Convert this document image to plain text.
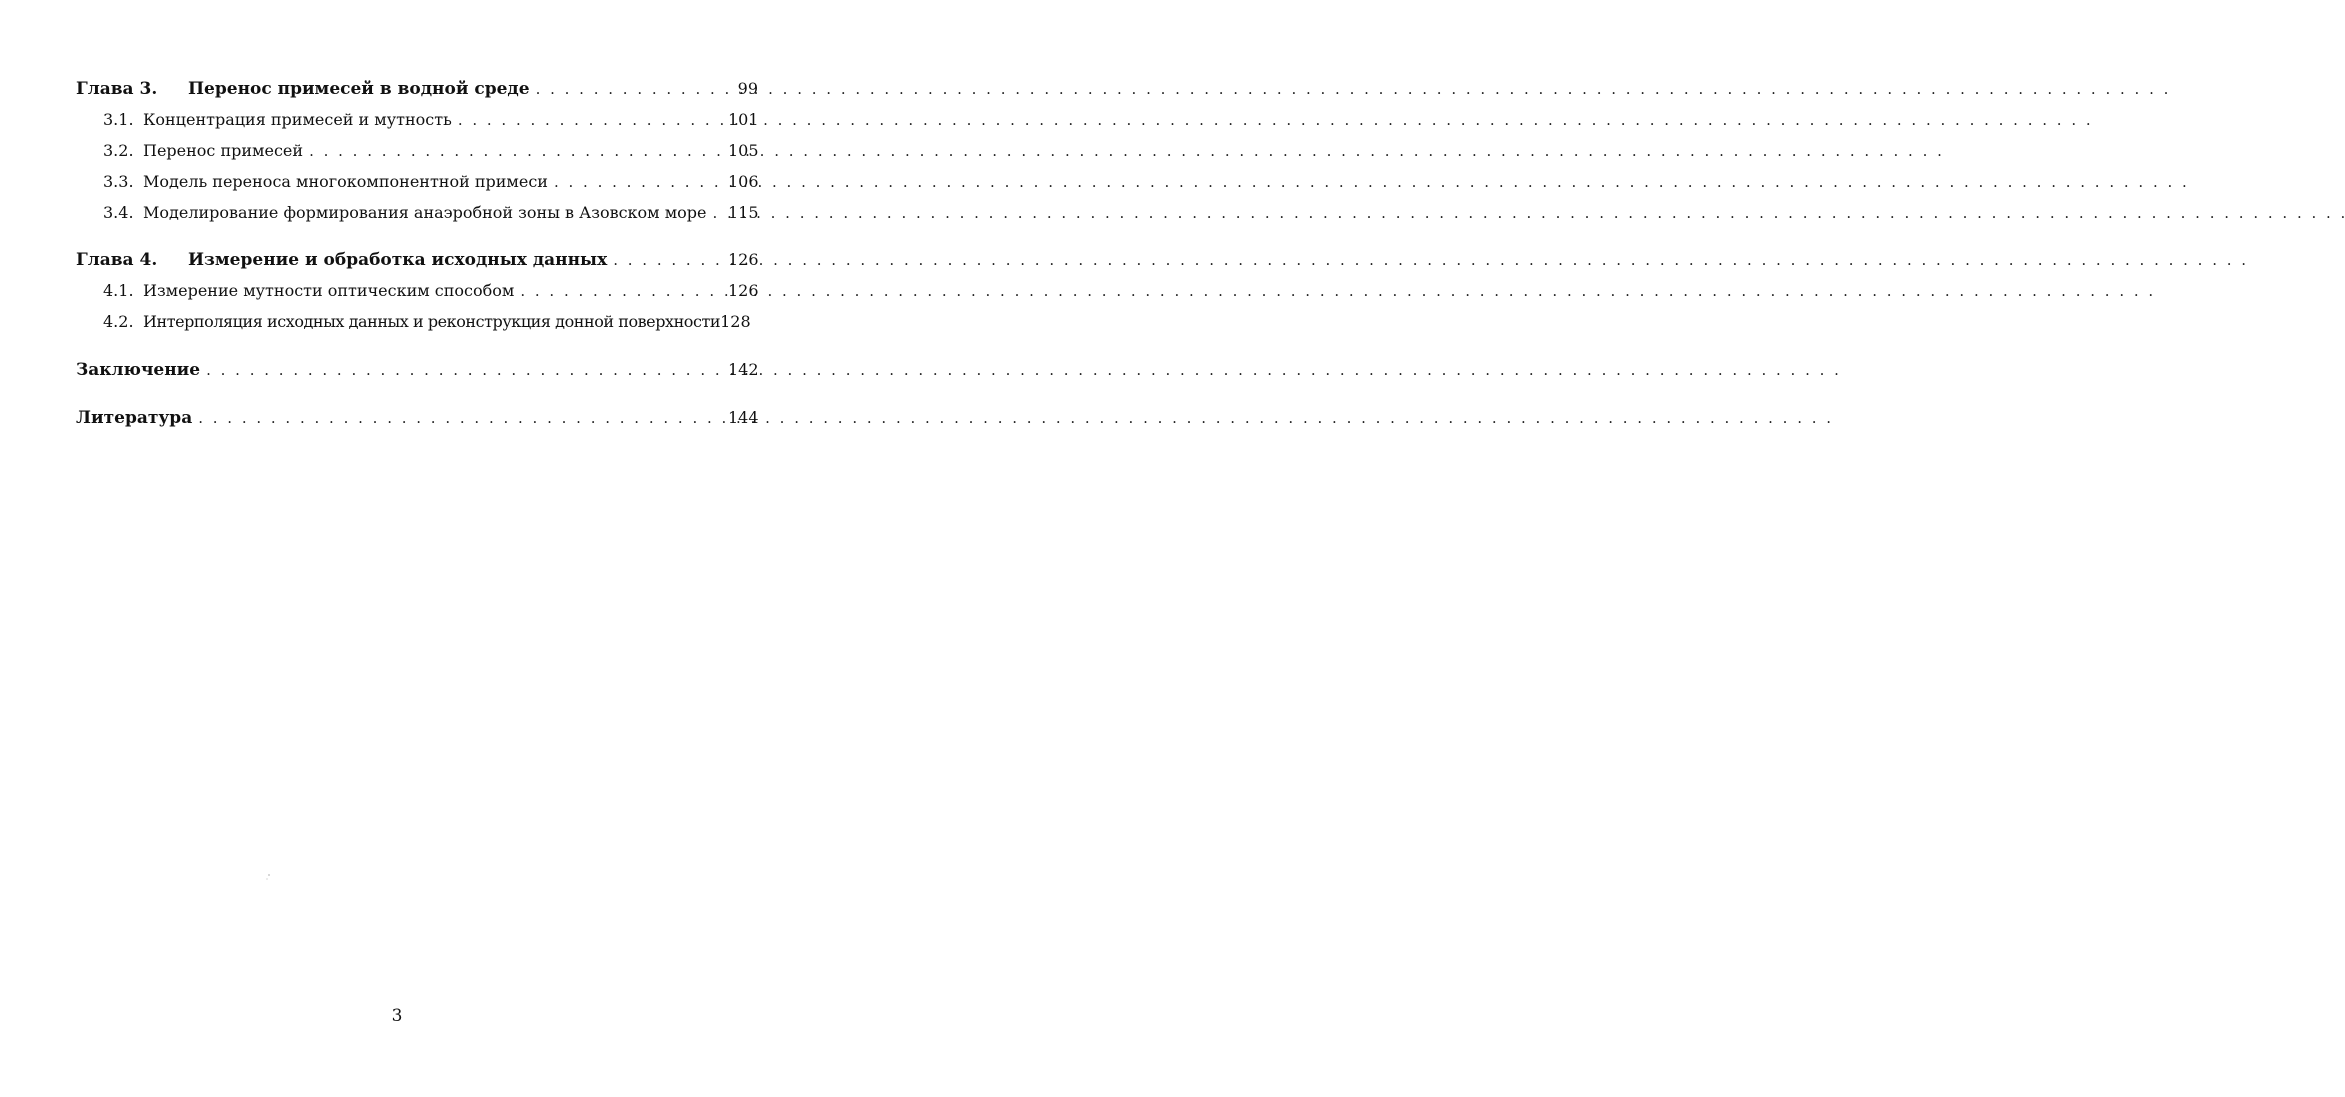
Глава 3.	Перенос примесей в водной среде . . .	99
3.1. Концентрация примесей и мутность . . .	101
3.2. Перенос примесей . . .	105
3.3. Модель переноса многокомпонентной примеси . . .	106
3.4. Моделирование формирования анаэробной зоны в Азовском море . . . 115
Глава 4.	Измерение и обработка исходных данных . . .	126
4.1. Измерение мутности оптическим способом . . .	126
4.2. Интерполяция исходных данных и реконструкция донной поверхности 128
Заключение . . .	142
Литература . . .	144
3
